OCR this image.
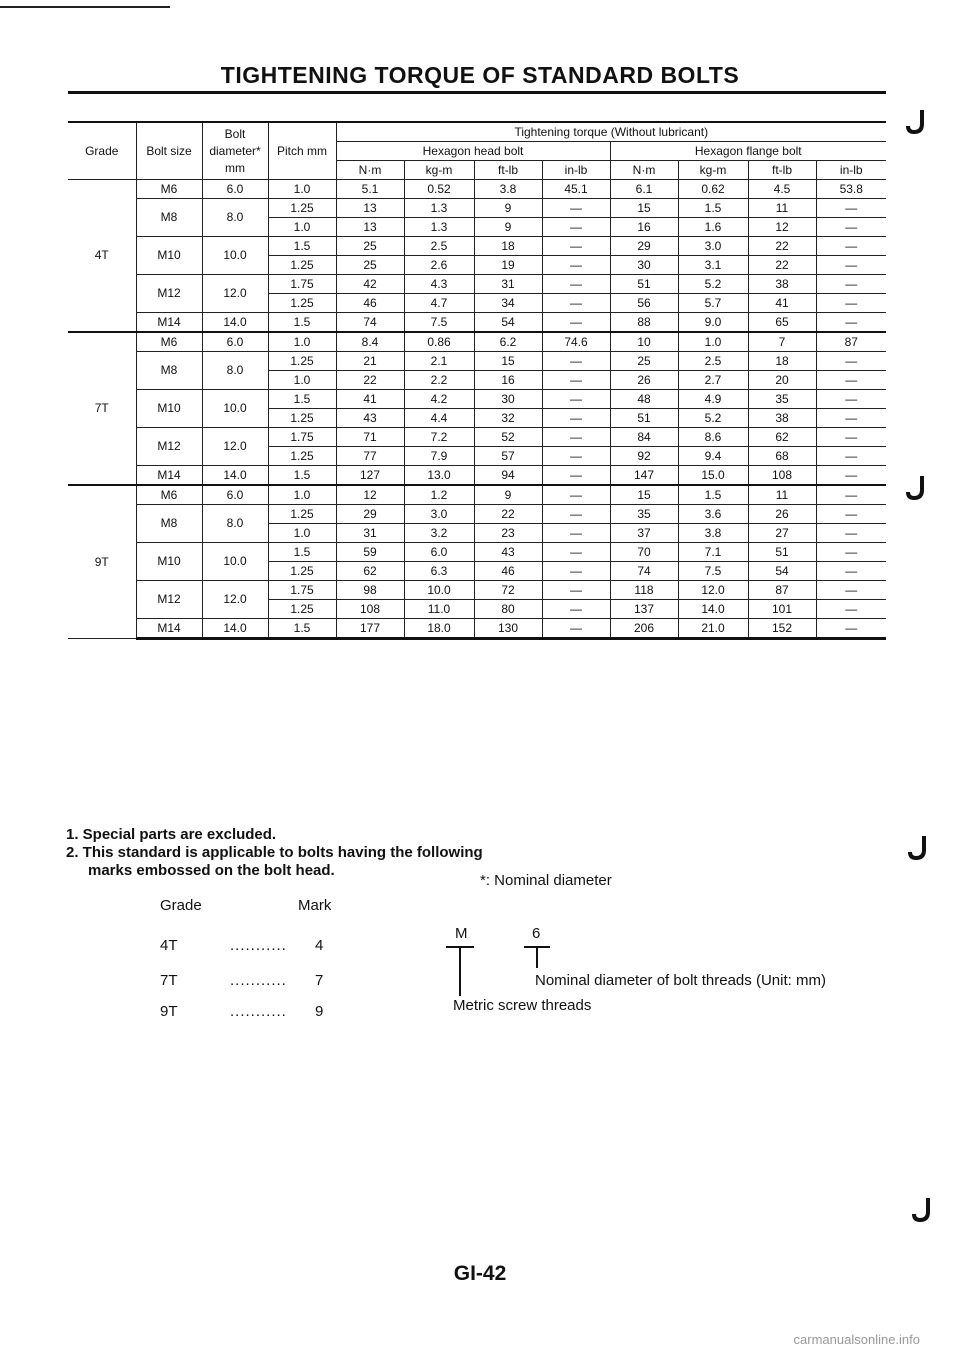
TIGHTENING TORQUE OF STANDARD BOLTS
Grade	Bolt size	Bolt diameter* mm	Pitch mm	Tightening torque (Without lubricant)							
				Hexagon head bolt				Hexagon flange bolt			
				N·m	kg-m	ft-lb	in-lb	N·m	kg-m	ft-lb	in-lb
4T	M6	6.0	1.0	5.1	0.52	3.8	45.1	6.1	0.62	4.5	53.8
	M8	8.0	1.25	13	1.3	9	—	15	1.5	11	—
			1.0	13	1.3	9	—	16	1.6	12	—
	M10	10.0	1.5	25	2.5	18	—	29	3.0	22	—
			1.25	25	2.6	19	—	30	3.1	22	—
	M12	12.0	1.75	42	4.3	31	—	51	5.2	38	—
			1.25	46	4.7	34	—	56	5.7	41	—
	M14	14.0	1.5	74	7.5	54	—	88	9.0	65	—
7T	M6	6.0	1.0	8.4	0.86	6.2	74.6	10	1.0	7	87
	M8	8.0	1.25	21	2.1	15	—	25	2.5	18	—
			1.0	22	2.2	16	—	26	2.7	20	—
	M10	10.0	1.5	41	4.2	30	—	48	4.9	35	—
			1.25	43	4.4	32	—	51	5.2	38	—
	M12	12.0	1.75	71	7.2	52	—	84	8.6	62	—
			1.25	77	7.9	57	—	92	9.4	68	—
	M14	14.0	1.5	127	13.0	94	—	147	15.0	108	—
9T	M6	6.0	1.0	12	1.2	9	—	15	1.5	11	—
	M8	8.0	1.25	29	3.0	22	—	35	3.6	26	—
			1.0	31	3.2	23	—	37	3.8	27	—
	M10	10.0	1.5	59	6.0	43	—	70	7.1	51	—
			1.25	62	6.3	46	—	74	7.5	54	—
	M12	12.0	1.75	98	10.0	72	—	118	12.0	87	—
			1.25	108	11.0	80	—	137	14.0	101	—
	M14	14.0	1.5	177	18.0	130	—	206	21.0	152	—
1. Special parts are excluded.
2. This standard is applicable to bolts having the following
marks embossed on the bolt head.
*: Nominal diameter
Grade	Mark
4T	........... 4
7T	........... 7
9T	........... 9
M	6
Nominal diameter of bolt threads (Unit: mm)
Metric screw threads
GI-42
carmanualsonline.info
